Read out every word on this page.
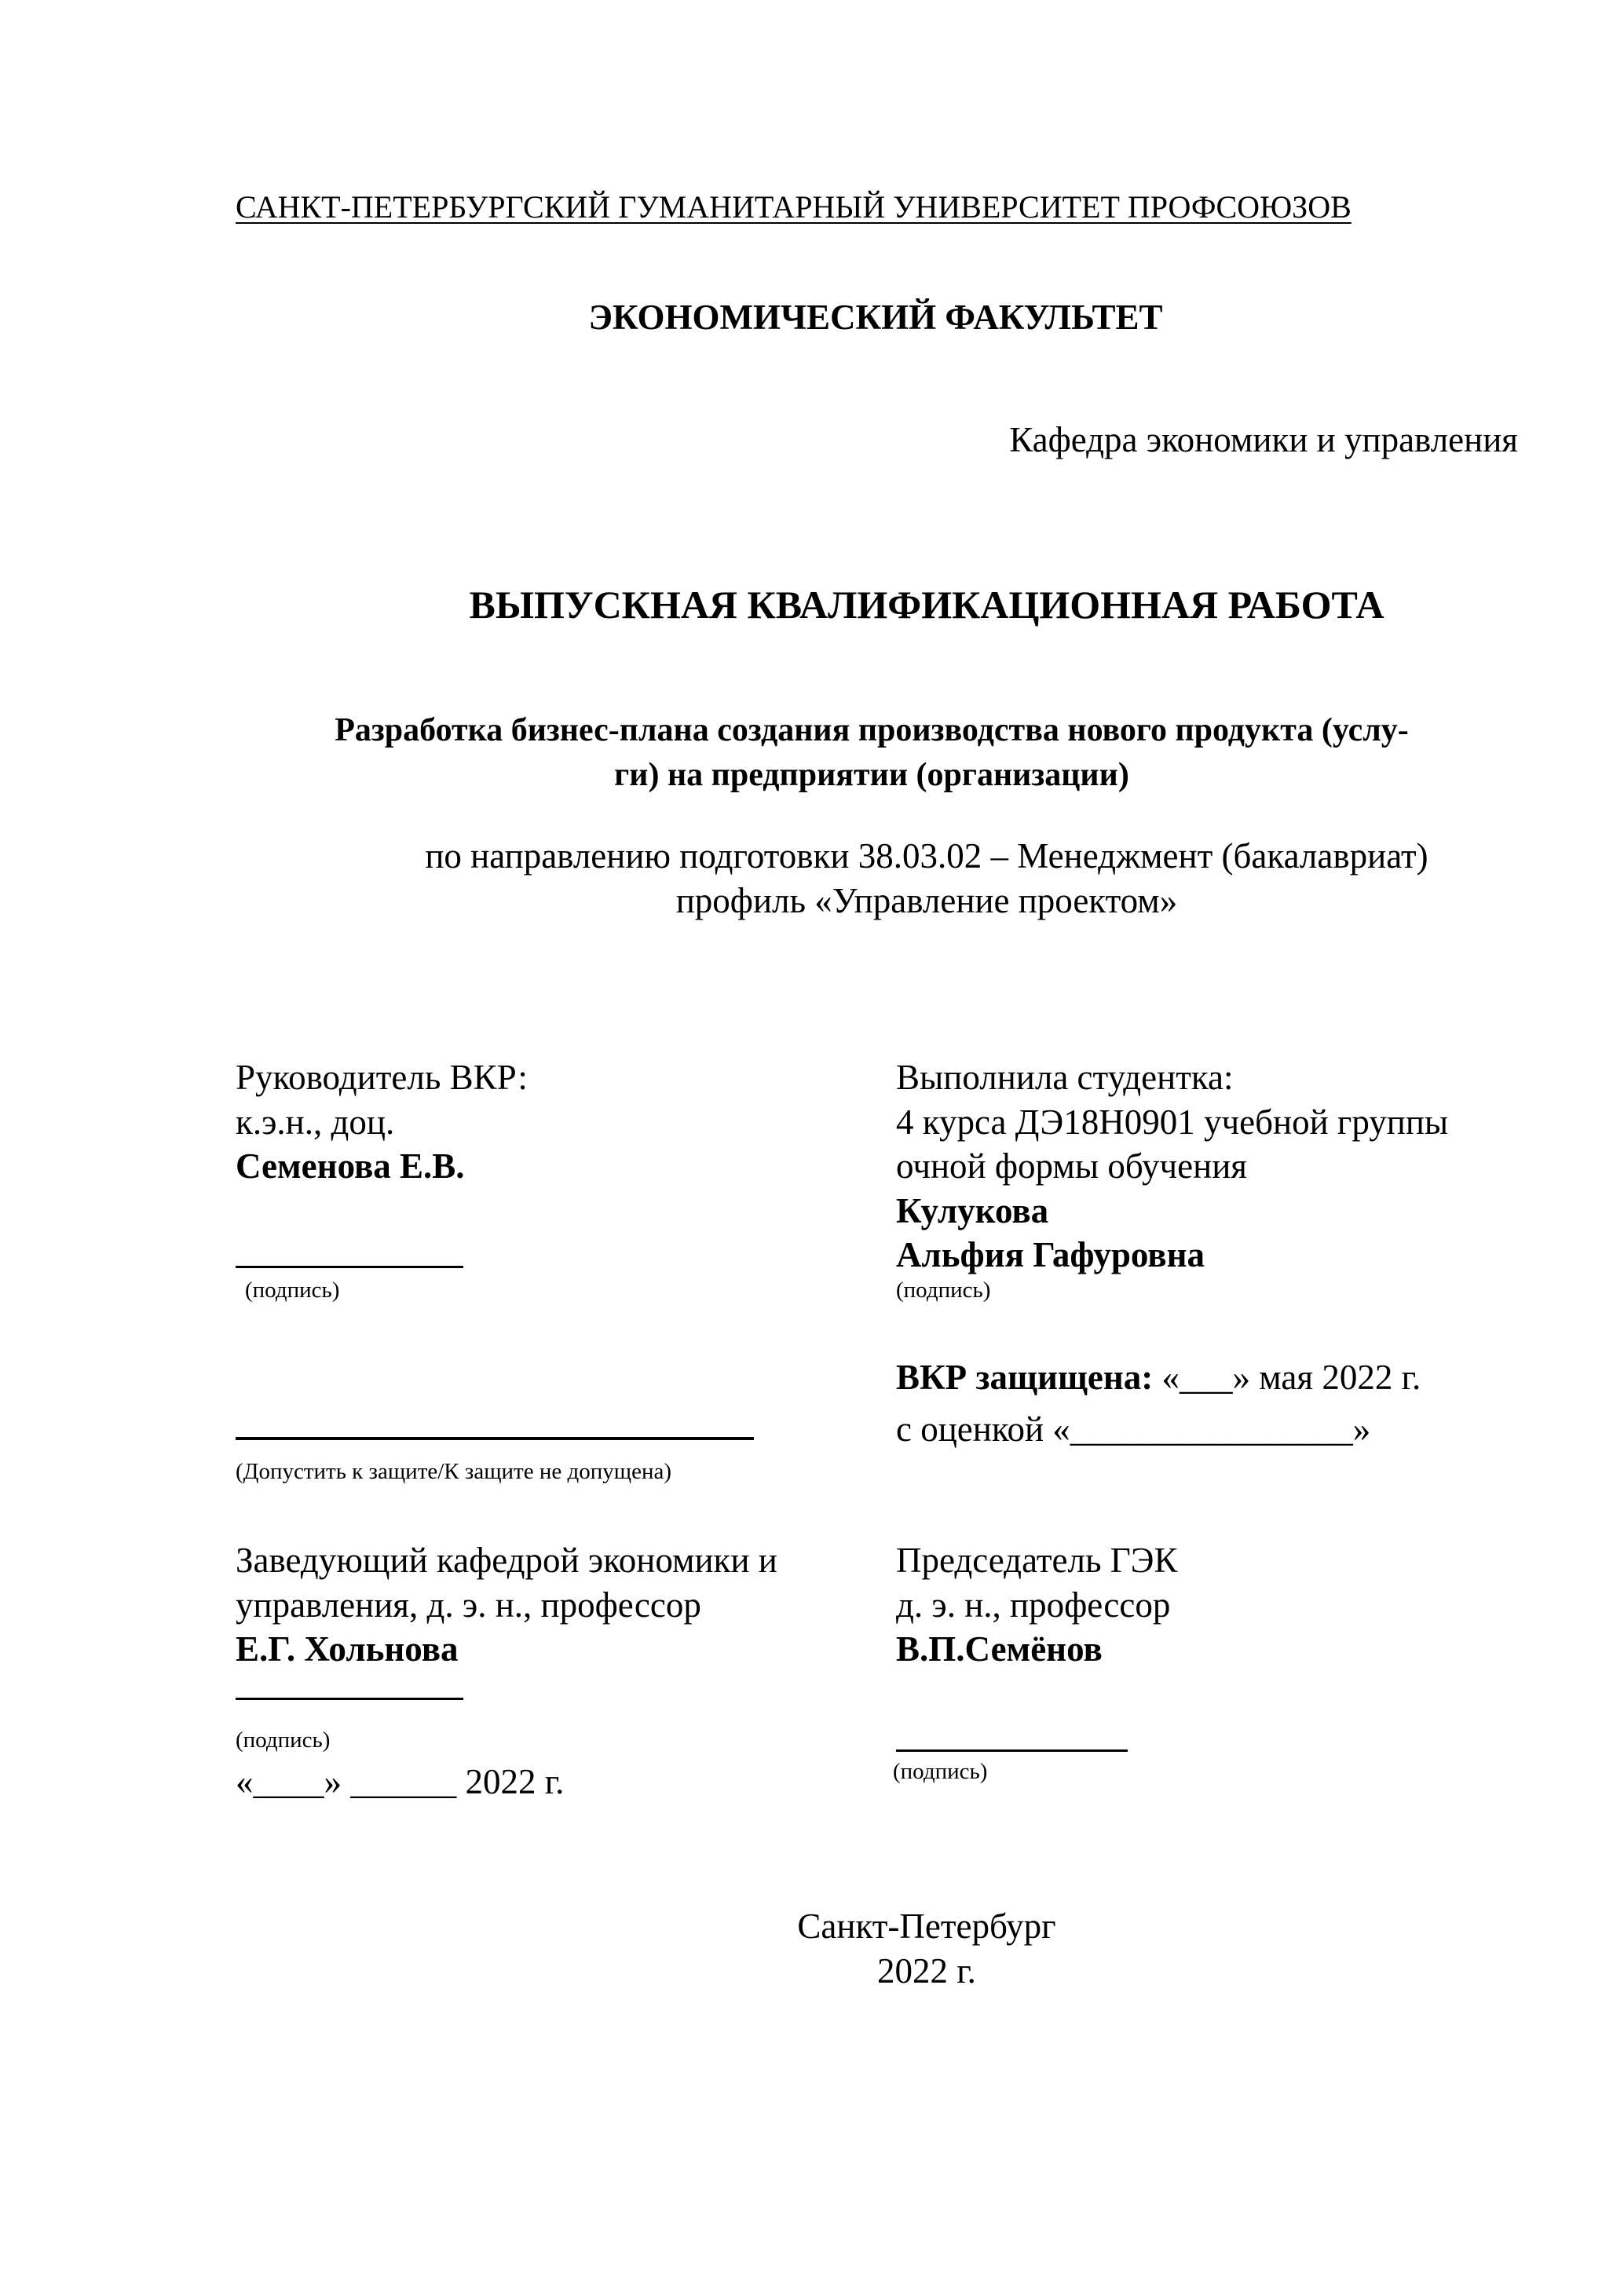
САНКТ-ПЕТЕРБУРГСКИЙ ГУМАНИТАРНЫЙ УНИВЕРСИТЕТ ПРОФСОЮЗОВ
ЭКОНОМИЧЕСКИЙ ФАКУЛЬТЕТ
Кафедра экономики и управления
ВЫПУСКНАЯ КВАЛИФИКАЦИОННАЯ РАБОТА
Разработка бизнес-плана создания производства нового продукта (услу-
ги) на предприятии (организации)
по направлению подготовки 38.03.02 – Менеджмент (бакалавриат)
профиль «Управление проектом»
Руководитель ВКР:
к.э.н., доц.
Семенова Е.В.
(подпись)
Выполнила студентка:
4 курса ДЭ18Н0901 учебной группы
очной формы обучения
Кулукова
Альфия Гафуровна
(подпись)
ВКР защищена: «___» мая 2022 г.
с оценкой «________________»
(Допустить к защите/К защите не допущена)
Заведующий кафедрой экономики и
управления, д. э. н., профессор
Е.Г. Хольнова
(подпись)
«____» ______ 2022 г.
Председатель ГЭК
д. э. н., профессор
В.П.Семёнов
(подпись)
Санкт-Петербург
2022 г.
